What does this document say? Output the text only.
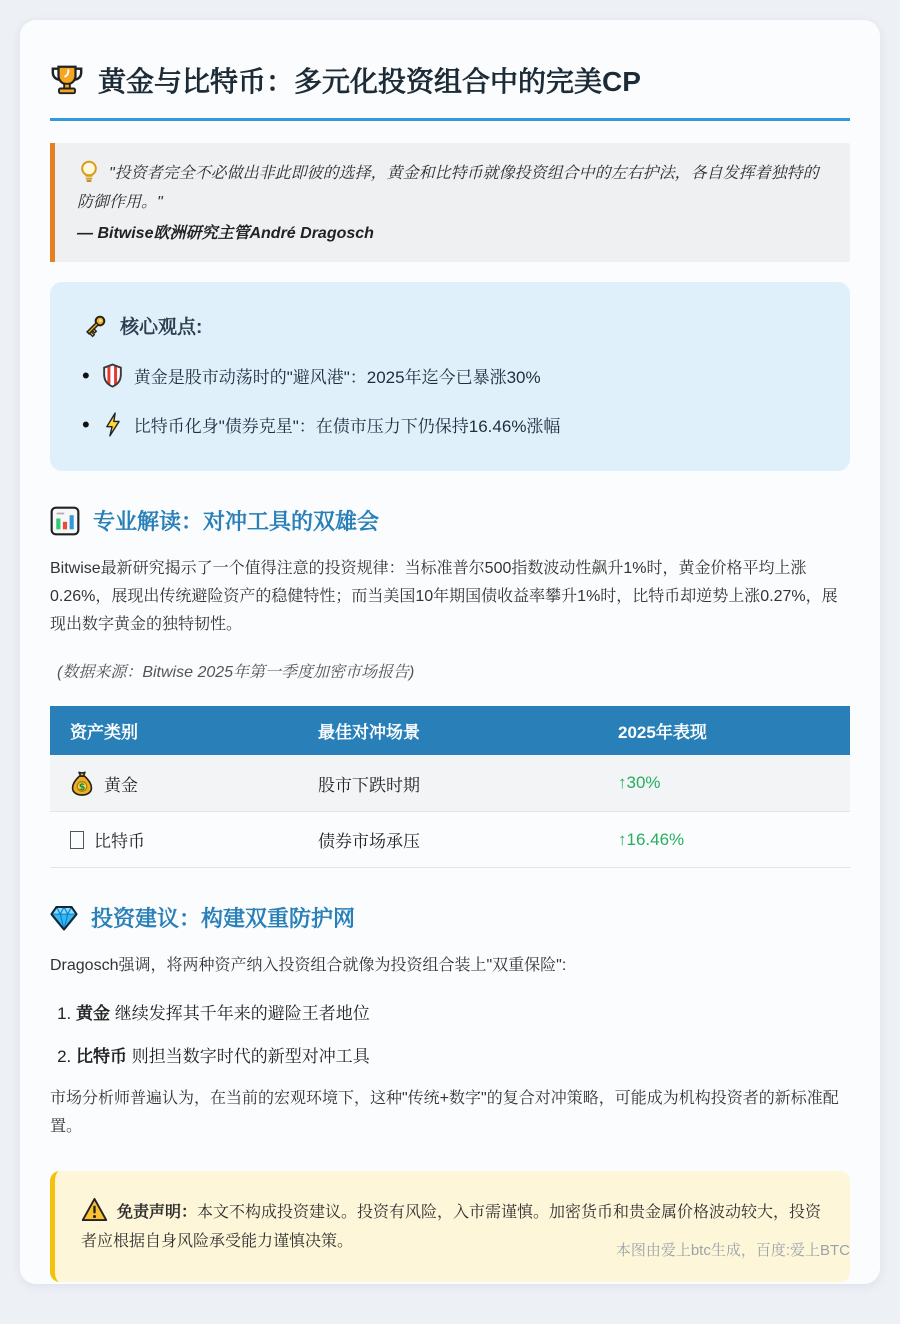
黄金与比特币：多元化投资组合中的完美CP
"投资者完全不必做出非此即彼的选择，黄金和比特币就像投资组合中的左右护法，各自发挥着独特的防御作用。"
— Bitwise欧洲研究主管André Dragosch
核心观点:
•	黄金是股市动荡时的"避风港"：2025年迄今已暴涨30%
•	比特币化身"债券克星"：在债市压力下仍保持16.46%涨幅
专业解读：对冲工具的双雄会

Bitwise最新研究揭示了一个值得注意的投资规律：当标准普尔500指数波动性飙升1%时，黄金价格平均上涨0.26%，展现出传统避险资产的稳健特性；而当美国10年期国债收益率攀升1%时，比特币却逆势上涨0.27%，展现出数字黄金的独特韧性。

(数据来源：Bitwise 2025年第一季度加密市场报告)

资产类别	最佳对冲场景	2025年表现

$ 黄金	股市下跌时期	↑30%

比特币	债券市场承压	↑16.46%
投资建议：构建双重防护网

Dragosch强调，将两种资产纳入投资组合就像为投资组合装上"双重保险":

1. 黄金 继续发挥其千年来的避险王者地位
2. 比特币 则担当数字时代的新型对冲工具

市场分析师普遍认为，在当前的宏观环境下，这种"传统+数字"的复合对冲策略，可能成为机构投资者的新标准配置。

免责声明：本文不构成投资建议。投资有风险，入市需谨慎。加密货币和贵金属价格波动较大，投资者应根据自身风险承受能力谨慎决策。
本图由爱上btc生成，百度:爱上BTC
